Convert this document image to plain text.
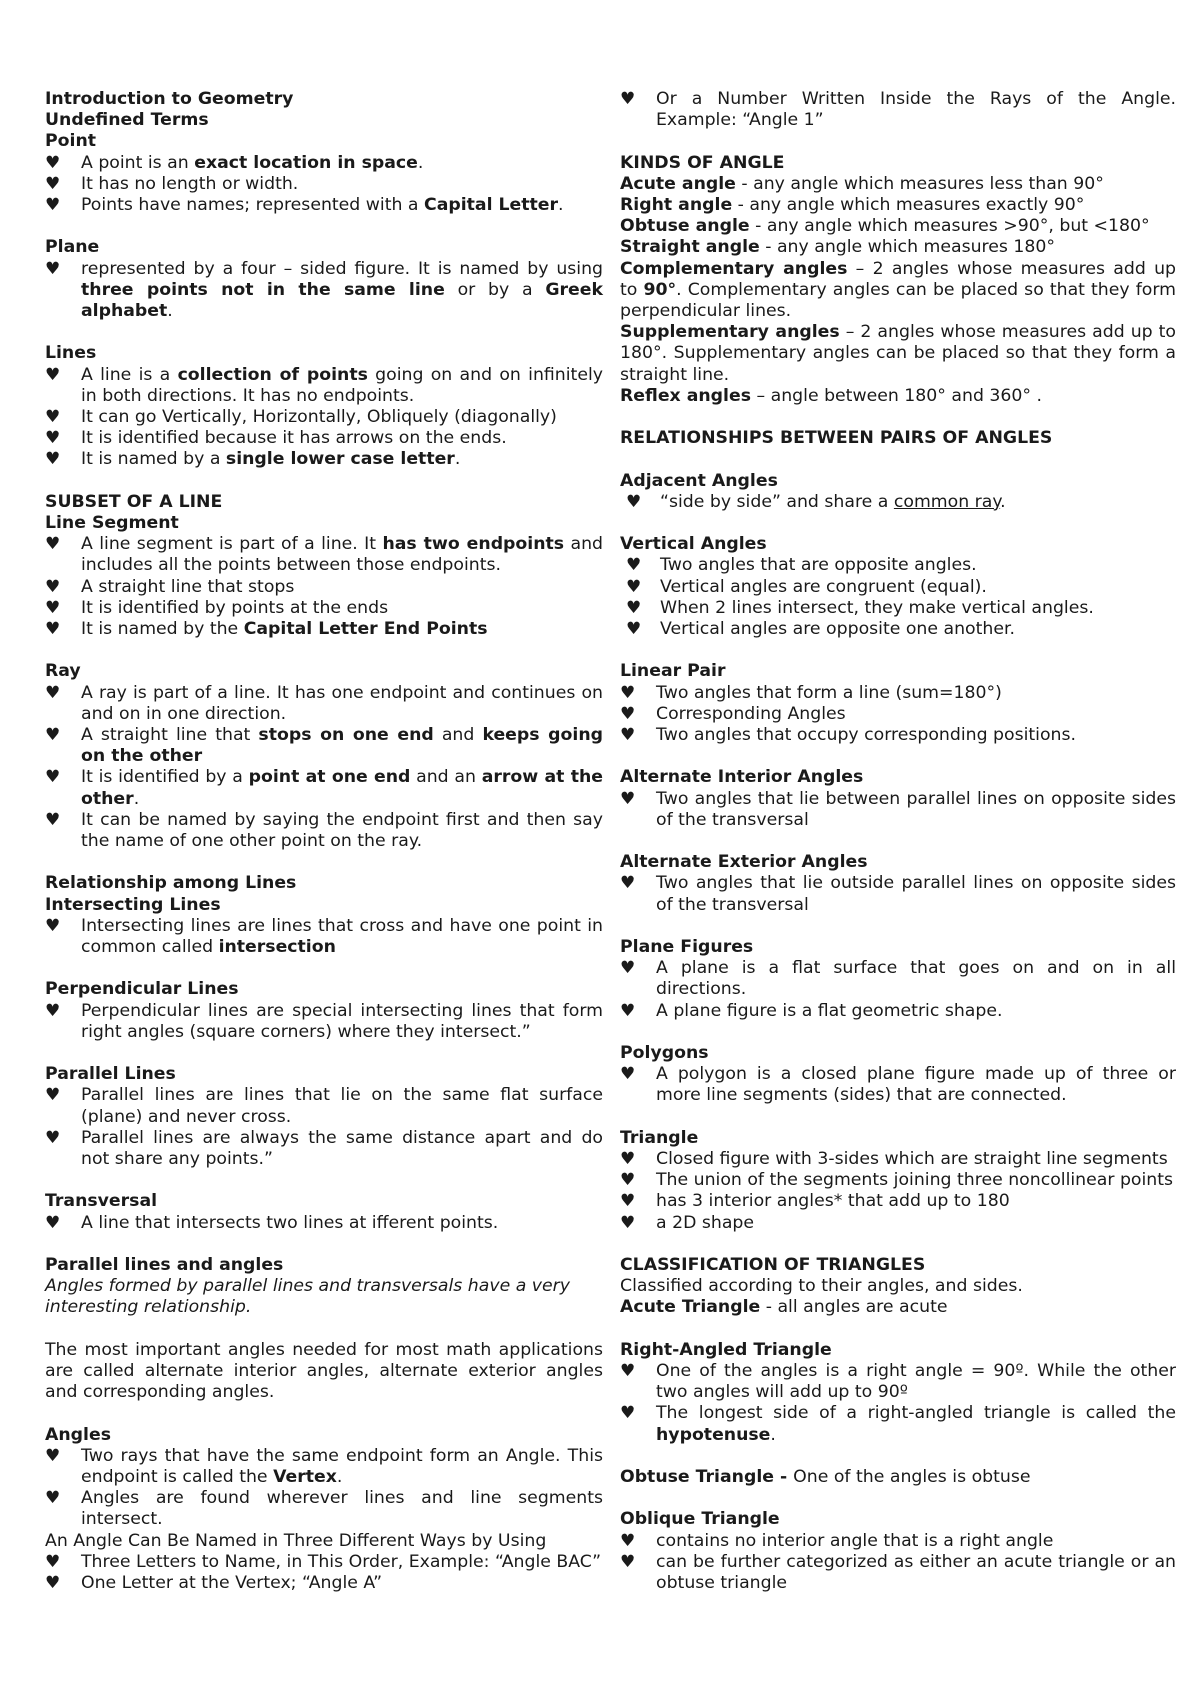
Introduction to Geometry

Undefined Terms

Point

♥ A point is an exact location in space.
♥ It has no length or width.
♥ Points have names; represented with a Capital Letter.

Plane

♥ represented by a four – sided figure. It is named by using three points not in the same line or by a Greek alphabet.

Lines

♥ A line is a collection of points going on and on infinitely in both directions. It has no endpoints.
♥ It can go Vertically, Horizontally, Obliquely (diagonally)
♥ It is identified because it has arrows on the ends.
♥ It is named by a single lower case letter.

SUBSET OF A LINE

Line Segment

♥ A line segment is part of a line. It has two endpoints and includes all the points between those endpoints.
♥ A straight line that stops
♥ It is identified by points at the ends
♥ It is named by the Capital Letter End Points

Ray

♥ A ray is part of a line. It has one endpoint and continues on and on in one direction.
♥ A straight line that stops on one end and keeps going on the other
♥ It is identified by a point at one end and an arrow at the other.
♥ It can be named by saying the endpoint first and then say the name of one other point on the ray.

Relationship among Lines

Intersecting Lines

♥ Intersecting lines are lines that cross and have one point in common called intersection

Perpendicular Lines

♥ Perpendicular lines are special intersecting lines that form right angles (square corners) where they intersect.”

Parallel Lines

♥ Parallel lines are lines that lie on the same flat surface (plane) and never cross.
♥ Parallel lines are always the same distance apart and do not share any points.”

Transversal

♥ A line that intersects two lines at ifferent points.

Parallel lines and angles

Angles formed by parallel lines and transversals have a very interesting relationship.

The most important angles needed for most math applications are called alternate interior angles, alternate exterior angles and corresponding angles.

Angles

♥ Two rays that have the same endpoint form an Angle. This endpoint is called the Vertex.
♥ Angles are found wherever lines and line segments intersect.

An Angle Can Be Named in Three Different Ways by Using

♥ Three Letters to Name, in This Order, Example: “Angle BAC”
♥ One Letter at the Vertex; “Angle A”
♥ Or a Number Written Inside the Rays of the Angle. Example: “Angle 1”

KINDS OF ANGLE

Acute angle - any angle which measures less than 90°

Right angle - any angle which measures exactly 90°

Obtuse angle - any angle which measures >90°, but <180°

Straight angle - any angle which measures 180°

Complementary angles – 2 angles whose measures add up to 90°. Complementary angles can be placed so that they form perpendicular lines.

Supplementary angles – 2 angles whose measures add up to 180°. Supplementary angles can be placed so that they form a straight line.

Reflex angles – angle between 180° and 360° .

RELATIONSHIPS BETWEEN PAIRS OF ANGLES

Adjacent Angles

♥ “side by side” and share a common ray.

Vertical Angles

♥ Two angles that are opposite angles.
♥ Vertical angles are congruent (equal).
♥ When 2 lines intersect, they make vertical angles.
♥ Vertical angles are opposite one another.

Linear Pair

♥ Two angles that form a line (sum=180°)
♥ Corresponding Angles
♥ Two angles that occupy corresponding positions.

Alternate Interior Angles

♥ Two angles that lie between parallel lines on opposite sides of the transversal

Alternate Exterior Angles

♥ Two angles that lie outside parallel lines on opposite sides of the transversal

Plane Figures

♥ A plane is a flat surface that goes on and on in all directions.
♥ A plane figure is a flat geometric shape.

Polygons

♥ A polygon is a closed plane figure made up of three or more line segments (sides) that are connected.

Triangle

♥ Closed figure with 3-sides which are straight line segments
♥ The union of the segments joining three noncollinear points
♥ has 3 interior angles* that add up to 180
♥ a 2D shape

CLASSIFICATION OF TRIANGLES

Classified according to their angles, and sides.

Acute Triangle - all angles are acute

Right-Angled Triangle

♥ One of the angles is a right angle = 90º. While the other two angles will add up to 90º
♥ The longest side of a right-angled triangle is called the hypotenuse.

Obtuse Triangle - One of the angles is obtuse

Oblique Triangle

♥ contains no interior angle that is a right angle
♥ can be further categorized as either an acute triangle or an obtuse triangle
